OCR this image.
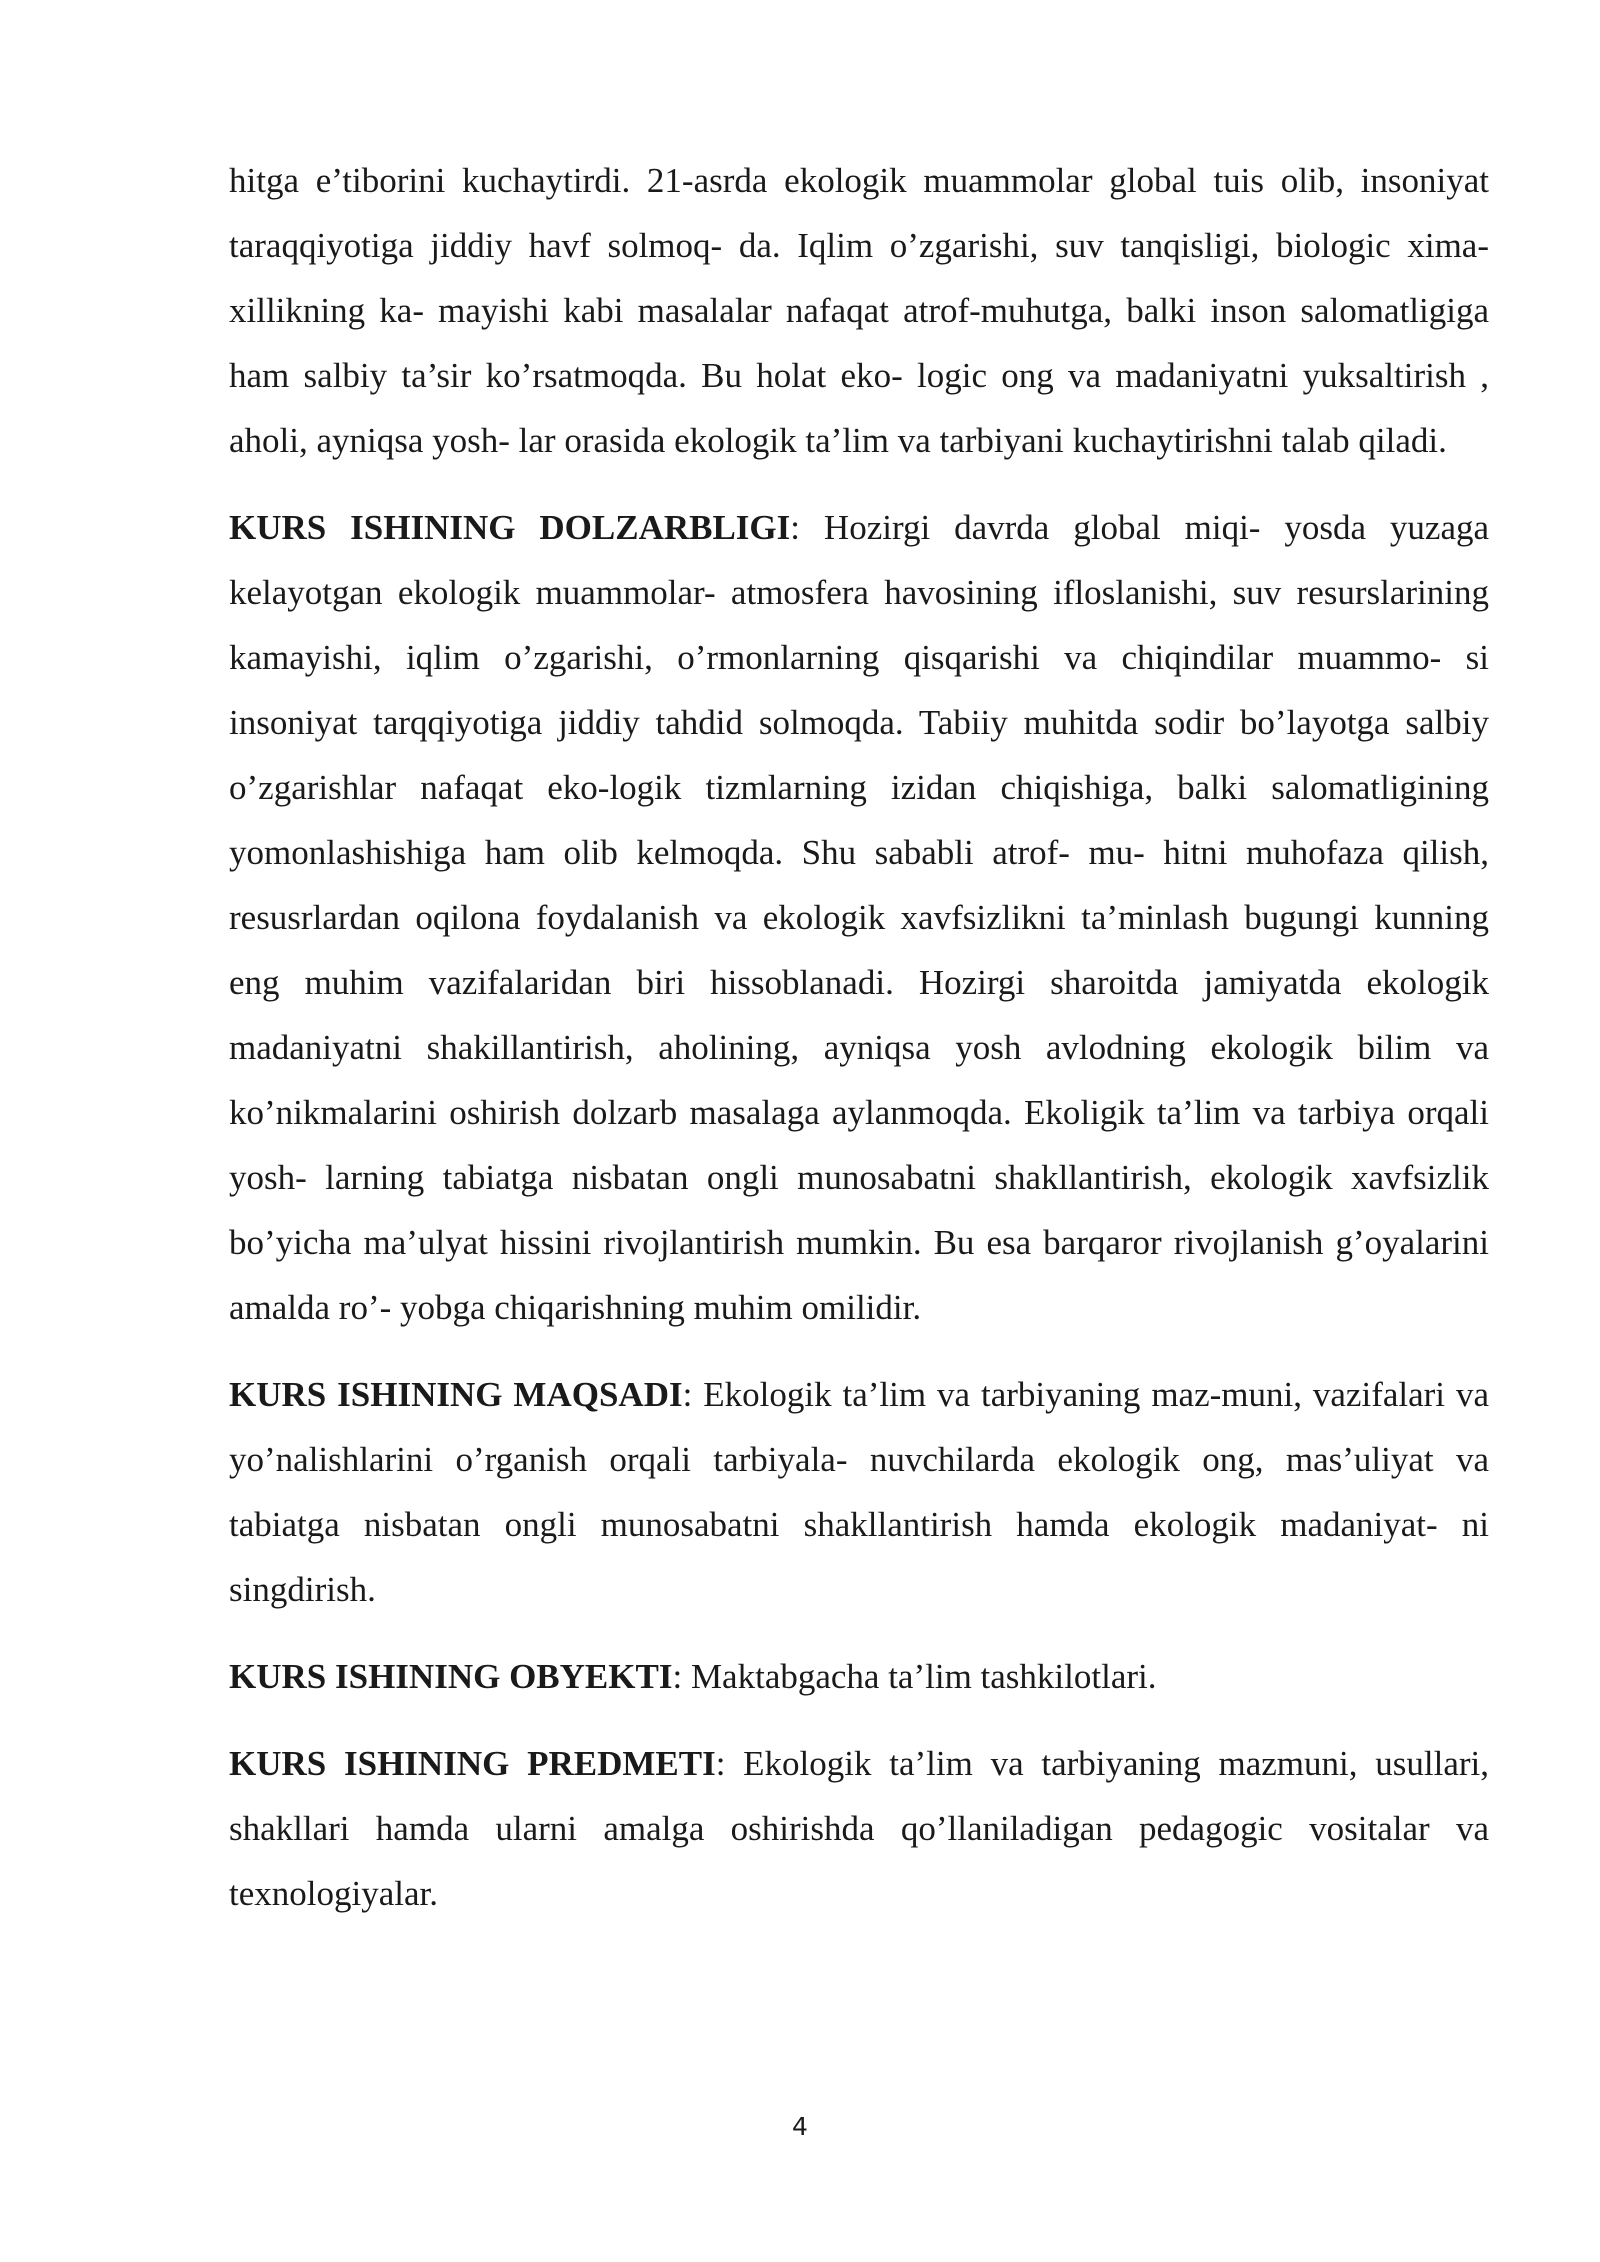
hitga e’tiborini kuchaytirdi. 21-asrda ekologik muammolar global tuis olib, insoniyat taraqqiyotiga jiddiy havf solmoq- da. Iqlim o’zgarishi, suv tanqisligi, biologic xima-xillikning ka- mayishi kabi masalalar nafaqat atrof-muhutga, balki inson salomatligiga ham salbiy ta’sir ko’rsatmoqda. Bu holat eko- logic ong va madaniyatni yuksaltirish , aholi, ayniqsa yosh- lar orasida ekologik ta’lim va tarbiyani kuchaytirishni talab qiladi.

KURS ISHINING DOLZARBLIGI: Hozirgi davrda global miqi- yosda yuzaga kelayotgan ekologik muammolar- atmosfera havosining ifloslanishi, suv resurslarining kamayishi, iqlim o’zgarishi, o’rmonlarning qisqarishi va chiqindilar muammo- si insoniyat tarqqiyotiga jiddiy tahdid solmoqda. Tabiiy muhitda sodir bo’layotga salbiy o’zgarishlar nafaqat eko-logik tizmlarning izidan chiqishiga, balki salomatligining yomonlashishiga ham olib kelmoqda. Shu sababli atrof- mu- hitni muhofaza qilish, resusrlardan oqilona foydalanish va ekologik xavfsizlikni ta’minlash bugungi kunning eng muhim vazifalaridan biri hissoblanadi. Hozirgi sharoitda jamiyatda ekologik madaniyatni shakillantirish, aholining, ayniqsa yosh avlodning ekologik bilim va ko’nikmalarini oshirish dolzarb masalaga aylanmoqda. Ekoligik ta’lim va tarbiya orqali yosh- larning tabiatga nisbatan ongli munosabatni shakllantirish, ekologik xavfsizlik bo’yicha ma’ulyat hissini rivojlantirish mumkin. Bu esa barqaror rivojlanish g’oyalarini amalda ro’- yobga chiqarishning muhim omilidir.

KURS ISHINING MAQSADI: Ekologik ta’lim va tarbiyaning maz-muni, vazifalari va yo’nalishlarini o’rganish orqali tarbiyala- nuvchilarda ekologik ong, mas’uliyat va tabiatga nisbatan ongli munosabatni shakllantirish hamda ekologik madaniyat- ni singdirish.

KURS ISHINING OBYEKTI: Maktabgacha ta’lim tashkilotlari.

KURS ISHINING PREDMETI: Ekologik ta’lim va tarbiyaning mazmuni, usullari, shakllari hamda ularni amalga oshirishda qo’llaniladigan pedagogic vositalar va texnologiyalar.

4
